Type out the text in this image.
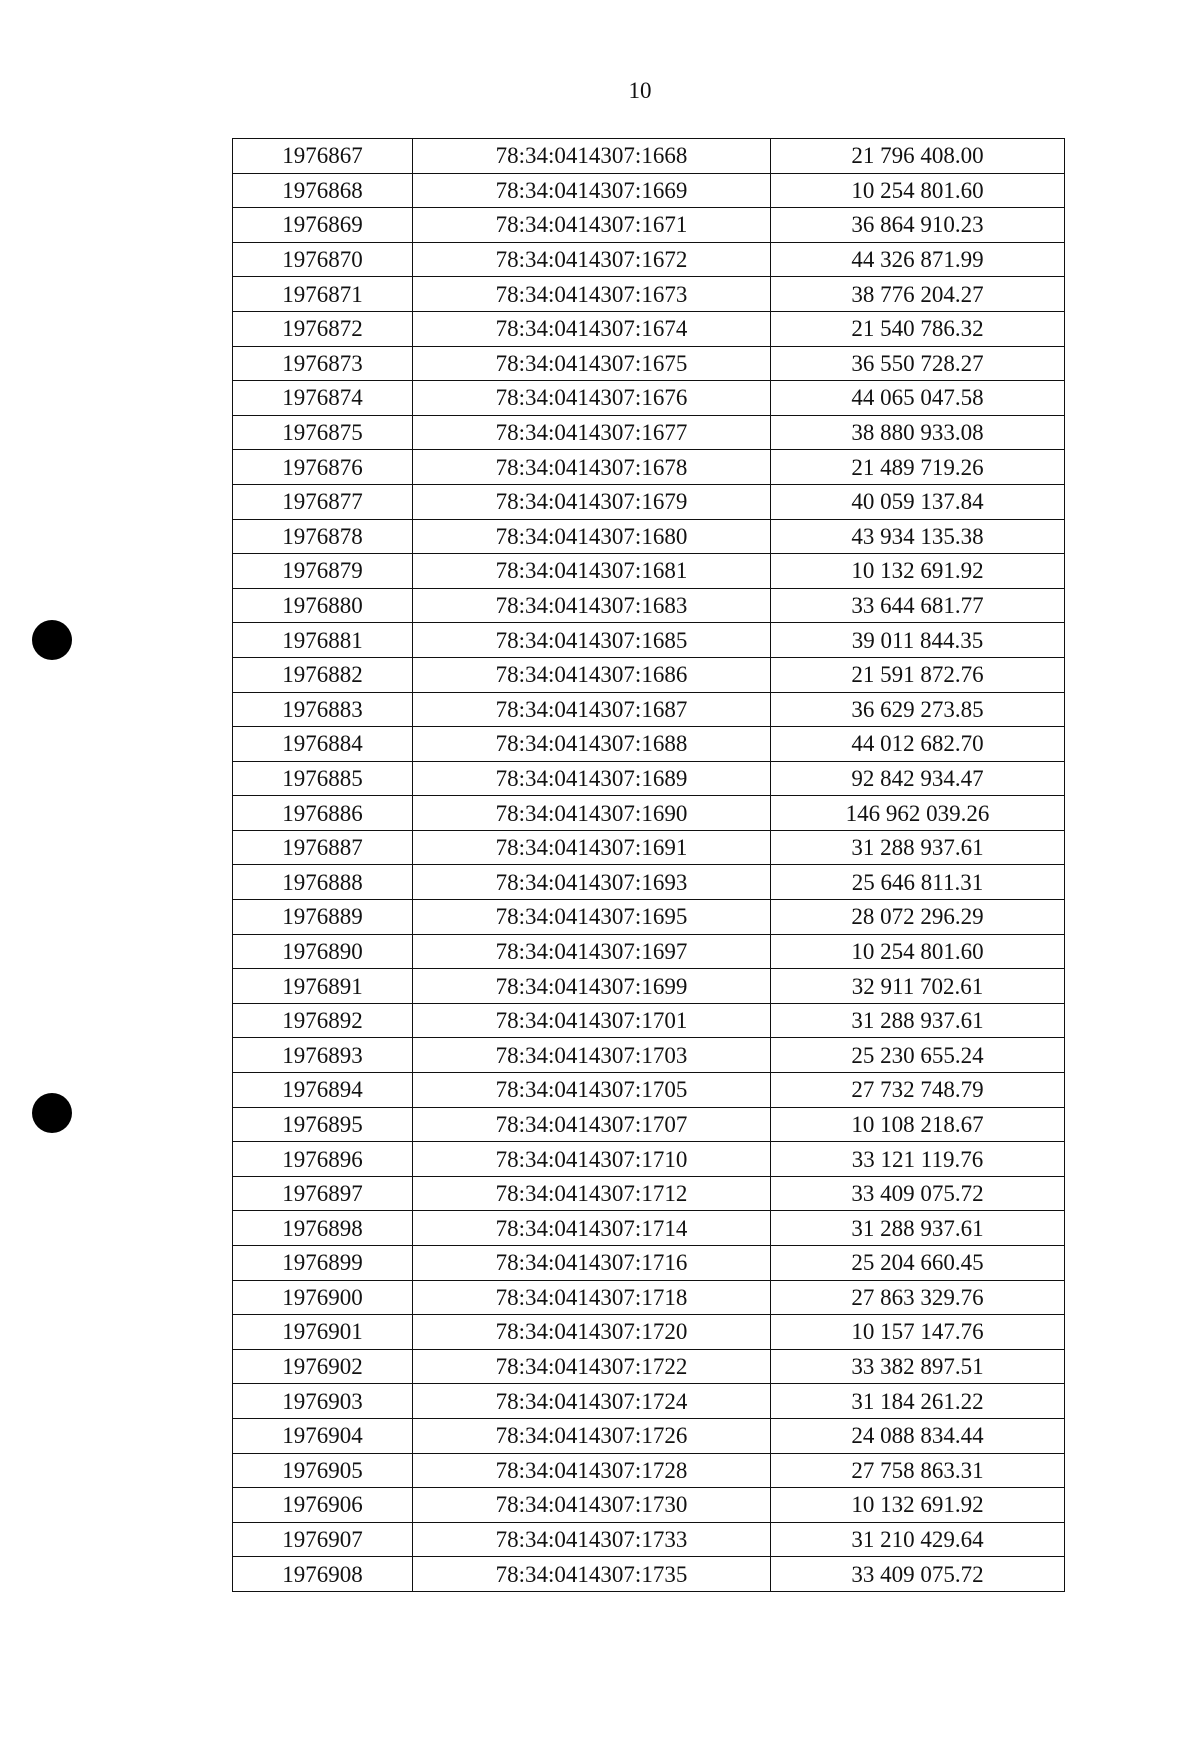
10
1976867	78:34:0414307:1668	21 796 408.00
1976868	78:34:0414307:1669	10 254 801.60
1976869	78:34:0414307:1671	36 864 910.23
1976870	78:34:0414307:1672	44 326 871.99
1976871	78:34:0414307:1673	38 776 204.27
1976872	78:34:0414307:1674	21 540 786.32
1976873	78:34:0414307:1675	36 550 728.27
1976874	78:34:0414307:1676	44 065 047.58
1976875	78:34:0414307:1677	38 880 933.08
1976876	78:34:0414307:1678	21 489 719.26
1976877	78:34:0414307:1679	40 059 137.84
1976878	78:34:0414307:1680	43 934 135.38
1976879	78:34:0414307:1681	10 132 691.92
1976880	78:34:0414307:1683	33 644 681.77
1976881	78:34:0414307:1685	39 011 844.35
1976882	78:34:0414307:1686	21 591 872.76
1976883	78:34:0414307:1687	36 629 273.85
1976884	78:34:0414307:1688	44 012 682.70
1976885	78:34:0414307:1689	92 842 934.47
1976886	78:34:0414307:1690	146 962 039.26
1976887	78:34:0414307:1691	31 288 937.61
1976888	78:34:0414307:1693	25 646 811.31
1976889	78:34:0414307:1695	28 072 296.29
1976890	78:34:0414307:1697	10 254 801.60
1976891	78:34:0414307:1699	32 911 702.61
1976892	78:34:0414307:1701	31 288 937.61
1976893	78:34:0414307:1703	25 230 655.24
1976894	78:34:0414307:1705	27 732 748.79
1976895	78:34:0414307:1707	10 108 218.67
1976896	78:34:0414307:1710	33 121 119.76
1976897	78:34:0414307:1712	33 409 075.72
1976898	78:34:0414307:1714	31 288 937.61
1976899	78:34:0414307:1716	25 204 660.45
1976900	78:34:0414307:1718	27 863 329.76
1976901	78:34:0414307:1720	10 157 147.76
1976902	78:34:0414307:1722	33 382 897.51
1976903	78:34:0414307:1724	31 184 261.22
1976904	78:34:0414307:1726	24 088 834.44
1976905	78:34:0414307:1728	27 758 863.31
1976906	78:34:0414307:1730	10 132 691.92
1976907	78:34:0414307:1733	31 210 429.64
1976908	78:34:0414307:1735	33 409 075.72
